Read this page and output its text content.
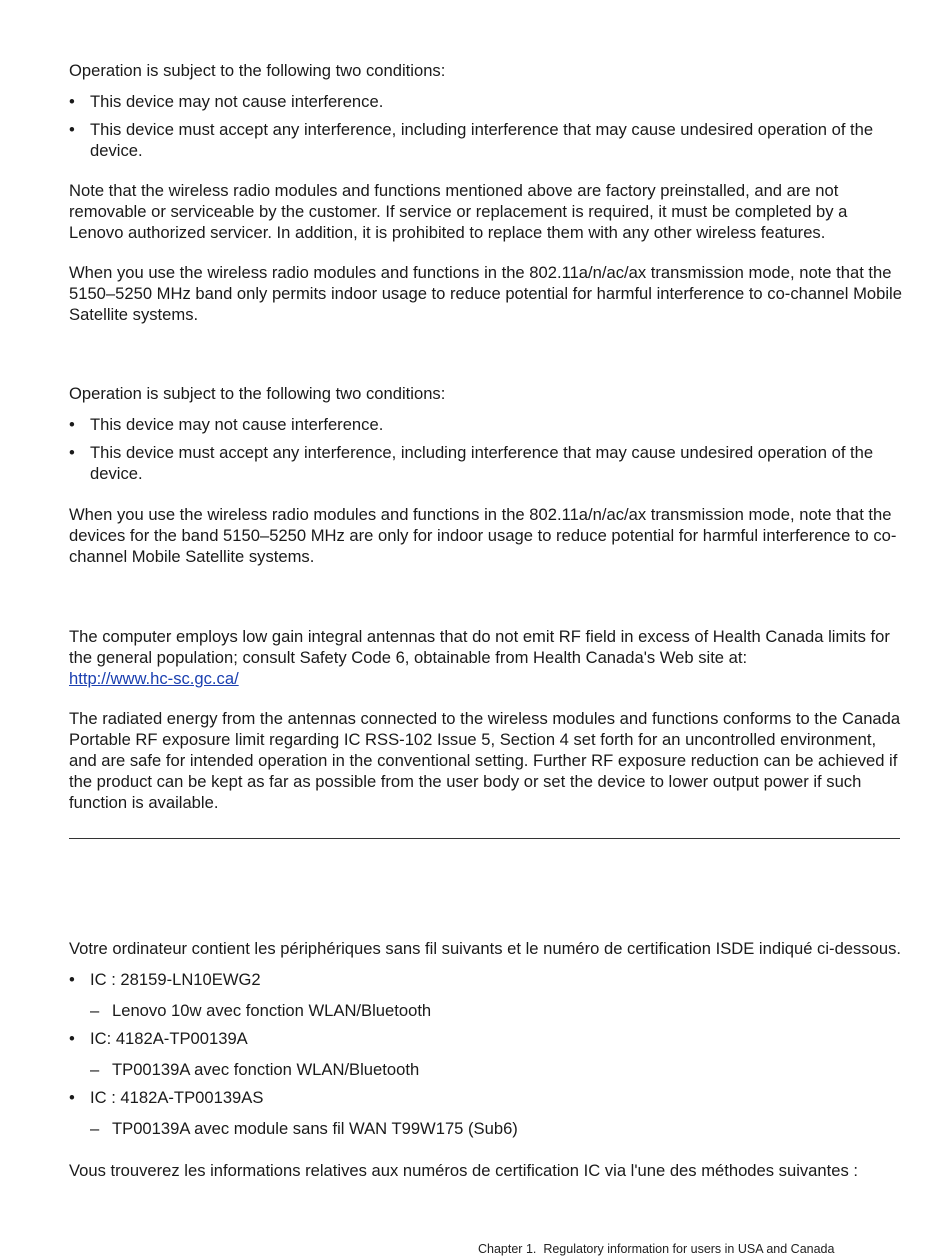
Operation is subject to the following two conditions:

• This device may not cause interference.
• This device must accept any interference, including interference that may cause undesired operation of the device.

Note that the wireless radio modules and functions mentioned above are factory preinstalled, and are not removable or serviceable by the customer. If service or replacement is required, it must be completed by a Lenovo authorized servicer. In addition, it is prohibited to replace them with any other wireless features.

When you use the wireless radio modules and functions in the 802.11a/n/ac/ax transmission mode, note that the 5150–5250 MHz band only permits indoor usage to reduce potential for harmful interference to co-channel Mobile Satellite systems.

Operation is subject to the following two conditions:

• This device may not cause interference.
• This device must accept any interference, including interference that may cause undesired operation of the device.

When you use the wireless radio modules and functions in the 802.11a/n/ac/ax transmission mode, note that the devices for the band 5150–5250 MHz are only for indoor usage to reduce potential for harmful interference to co-channel Mobile Satellite systems.

The computer employs low gain integral antennas that do not emit RF field in excess of Health Canada limits for the general population; consult Safety Code 6, obtainable from Health Canada's Web site at:
http://www.hc-sc.gc.ca/

The radiated energy from the antennas connected to the wireless modules and functions conforms to the Canada Portable RF exposure limit regarding IC RSS-102 Issue 5, Section 4 set forth for an uncontrolled environment, and are safe for intended operation in the conventional setting. Further RF exposure reduction can be achieved if the product can be kept as far as possible from the user body or set the device to lower output power if such function is available.

Votre ordinateur contient les périphériques sans fil suivants et le numéro de certification ISDE indiqué ci-dessous.

• IC : 28159-LN10EWG2
– Lenovo 10w avec fonction WLAN/Bluetooth
• IC: 4182A-TP00139A
– TP00139A avec fonction WLAN/Bluetooth
• IC : 4182A-TP00139AS
– TP00139A avec module sans fil WAN T99W175 (Sub6)

Vous trouverez les informations relatives aux numéros de certification IC via l'une des méthodes suivantes :

Chapter 1. Regulatory information for users in USA and Canada
